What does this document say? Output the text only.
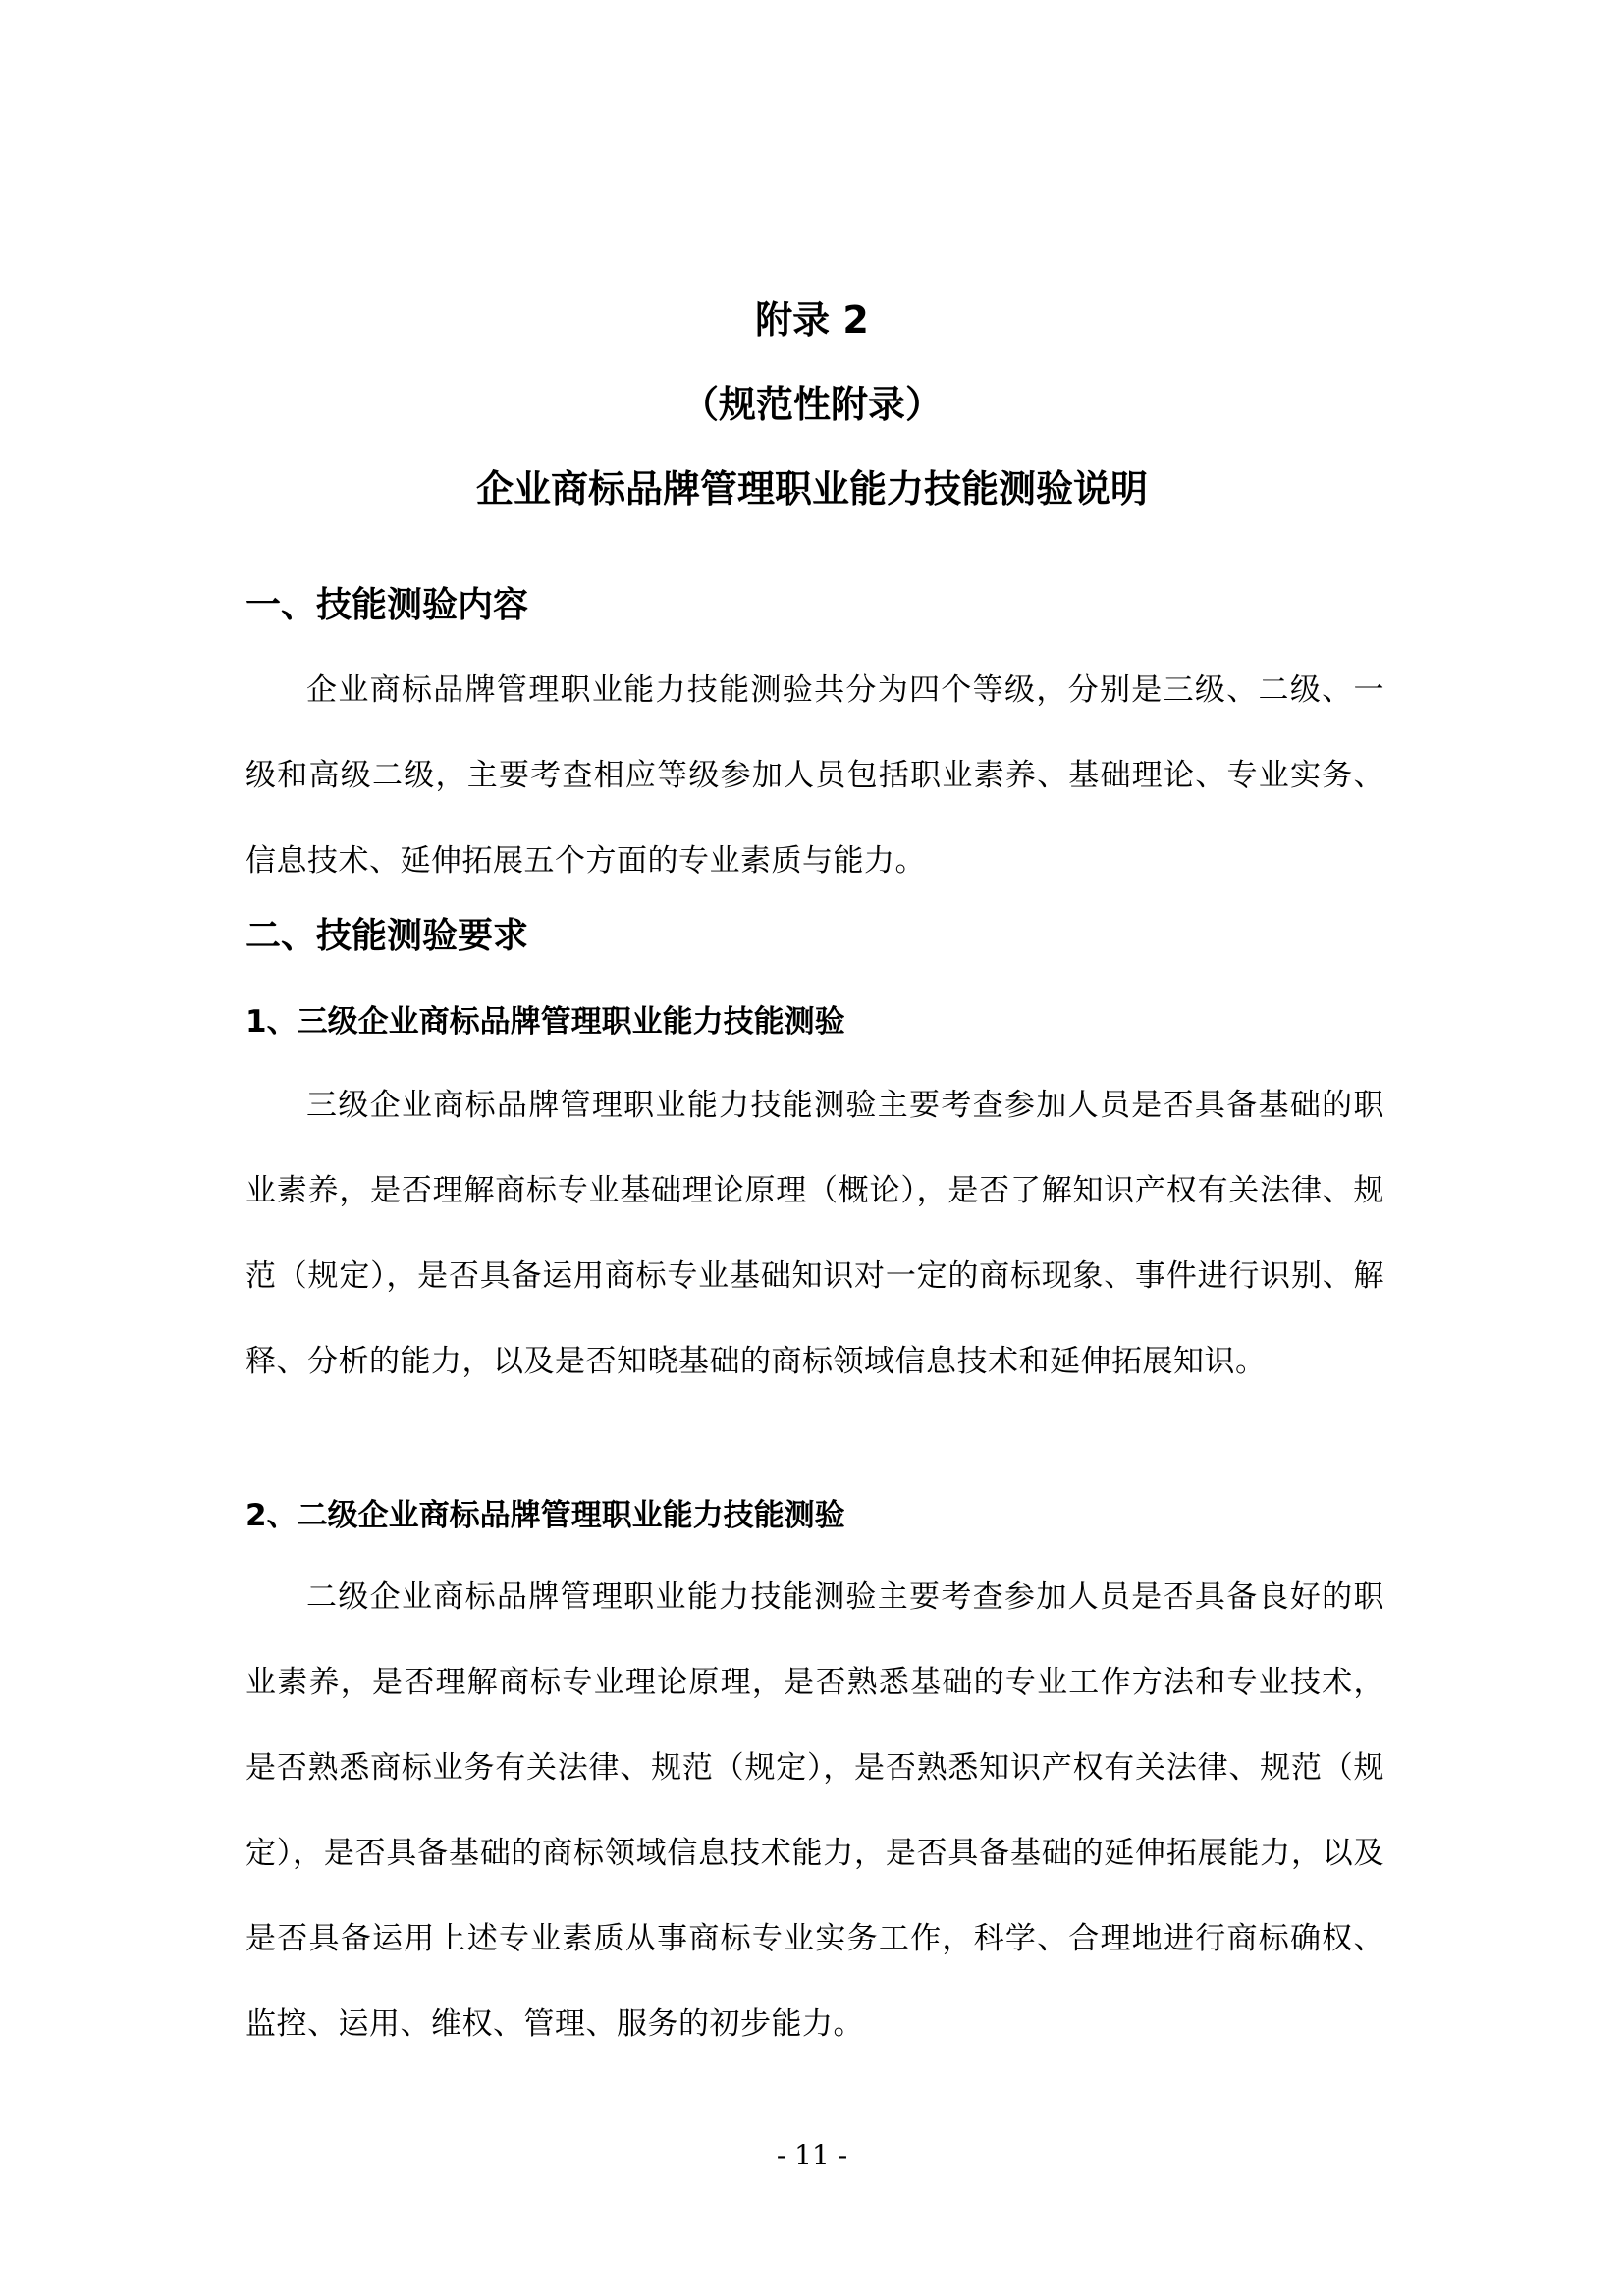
附录 2
（规范性附录）
企业商标品牌管理职业能力技能测验说明
一、技能测验内容

企业商标品牌管理职业能力技能测验共分为四个等级，分别是三级、二级、一级和高级二级，主要考查相应等级参加人员包括职业素养、基础理论、专业实务、信息技术、延伸拓展五个方面的专业素质与能力。

二、技能测验要求
1、三级企业商标品牌管理职业能力技能测验

三级企业商标品牌管理职业能力技能测验主要考查参加人员是否具备基础的职业素养，是否理解商标专业基础理论原理（概论），是否了解知识产权有关法律、规范（规定），是否具备运用商标专业基础知识对一定的商标现象、事件进行识别、解释、分析的能力，以及是否知晓基础的商标领域信息技术和延伸拓展知识。

2、二级企业商标品牌管理职业能力技能测验

二级企业商标品牌管理职业能力技能测验主要考查参加人员是否具备良好的职业素养，是否理解商标专业理论原理，是否熟悉基础的专业工作方法和专业技术，是否熟悉商标业务有关法律、规范（规定），是否熟悉知识产权有关法律、规范（规定），是否具备基础的商标领域信息技术能力，是否具备基础的延伸拓展能力，以及是否具备运用上述专业素质从事商标专业实务工作，科学、合理地进行商标确权、监控、运用、维权、管理、服务的初步能力。

- 11 -
